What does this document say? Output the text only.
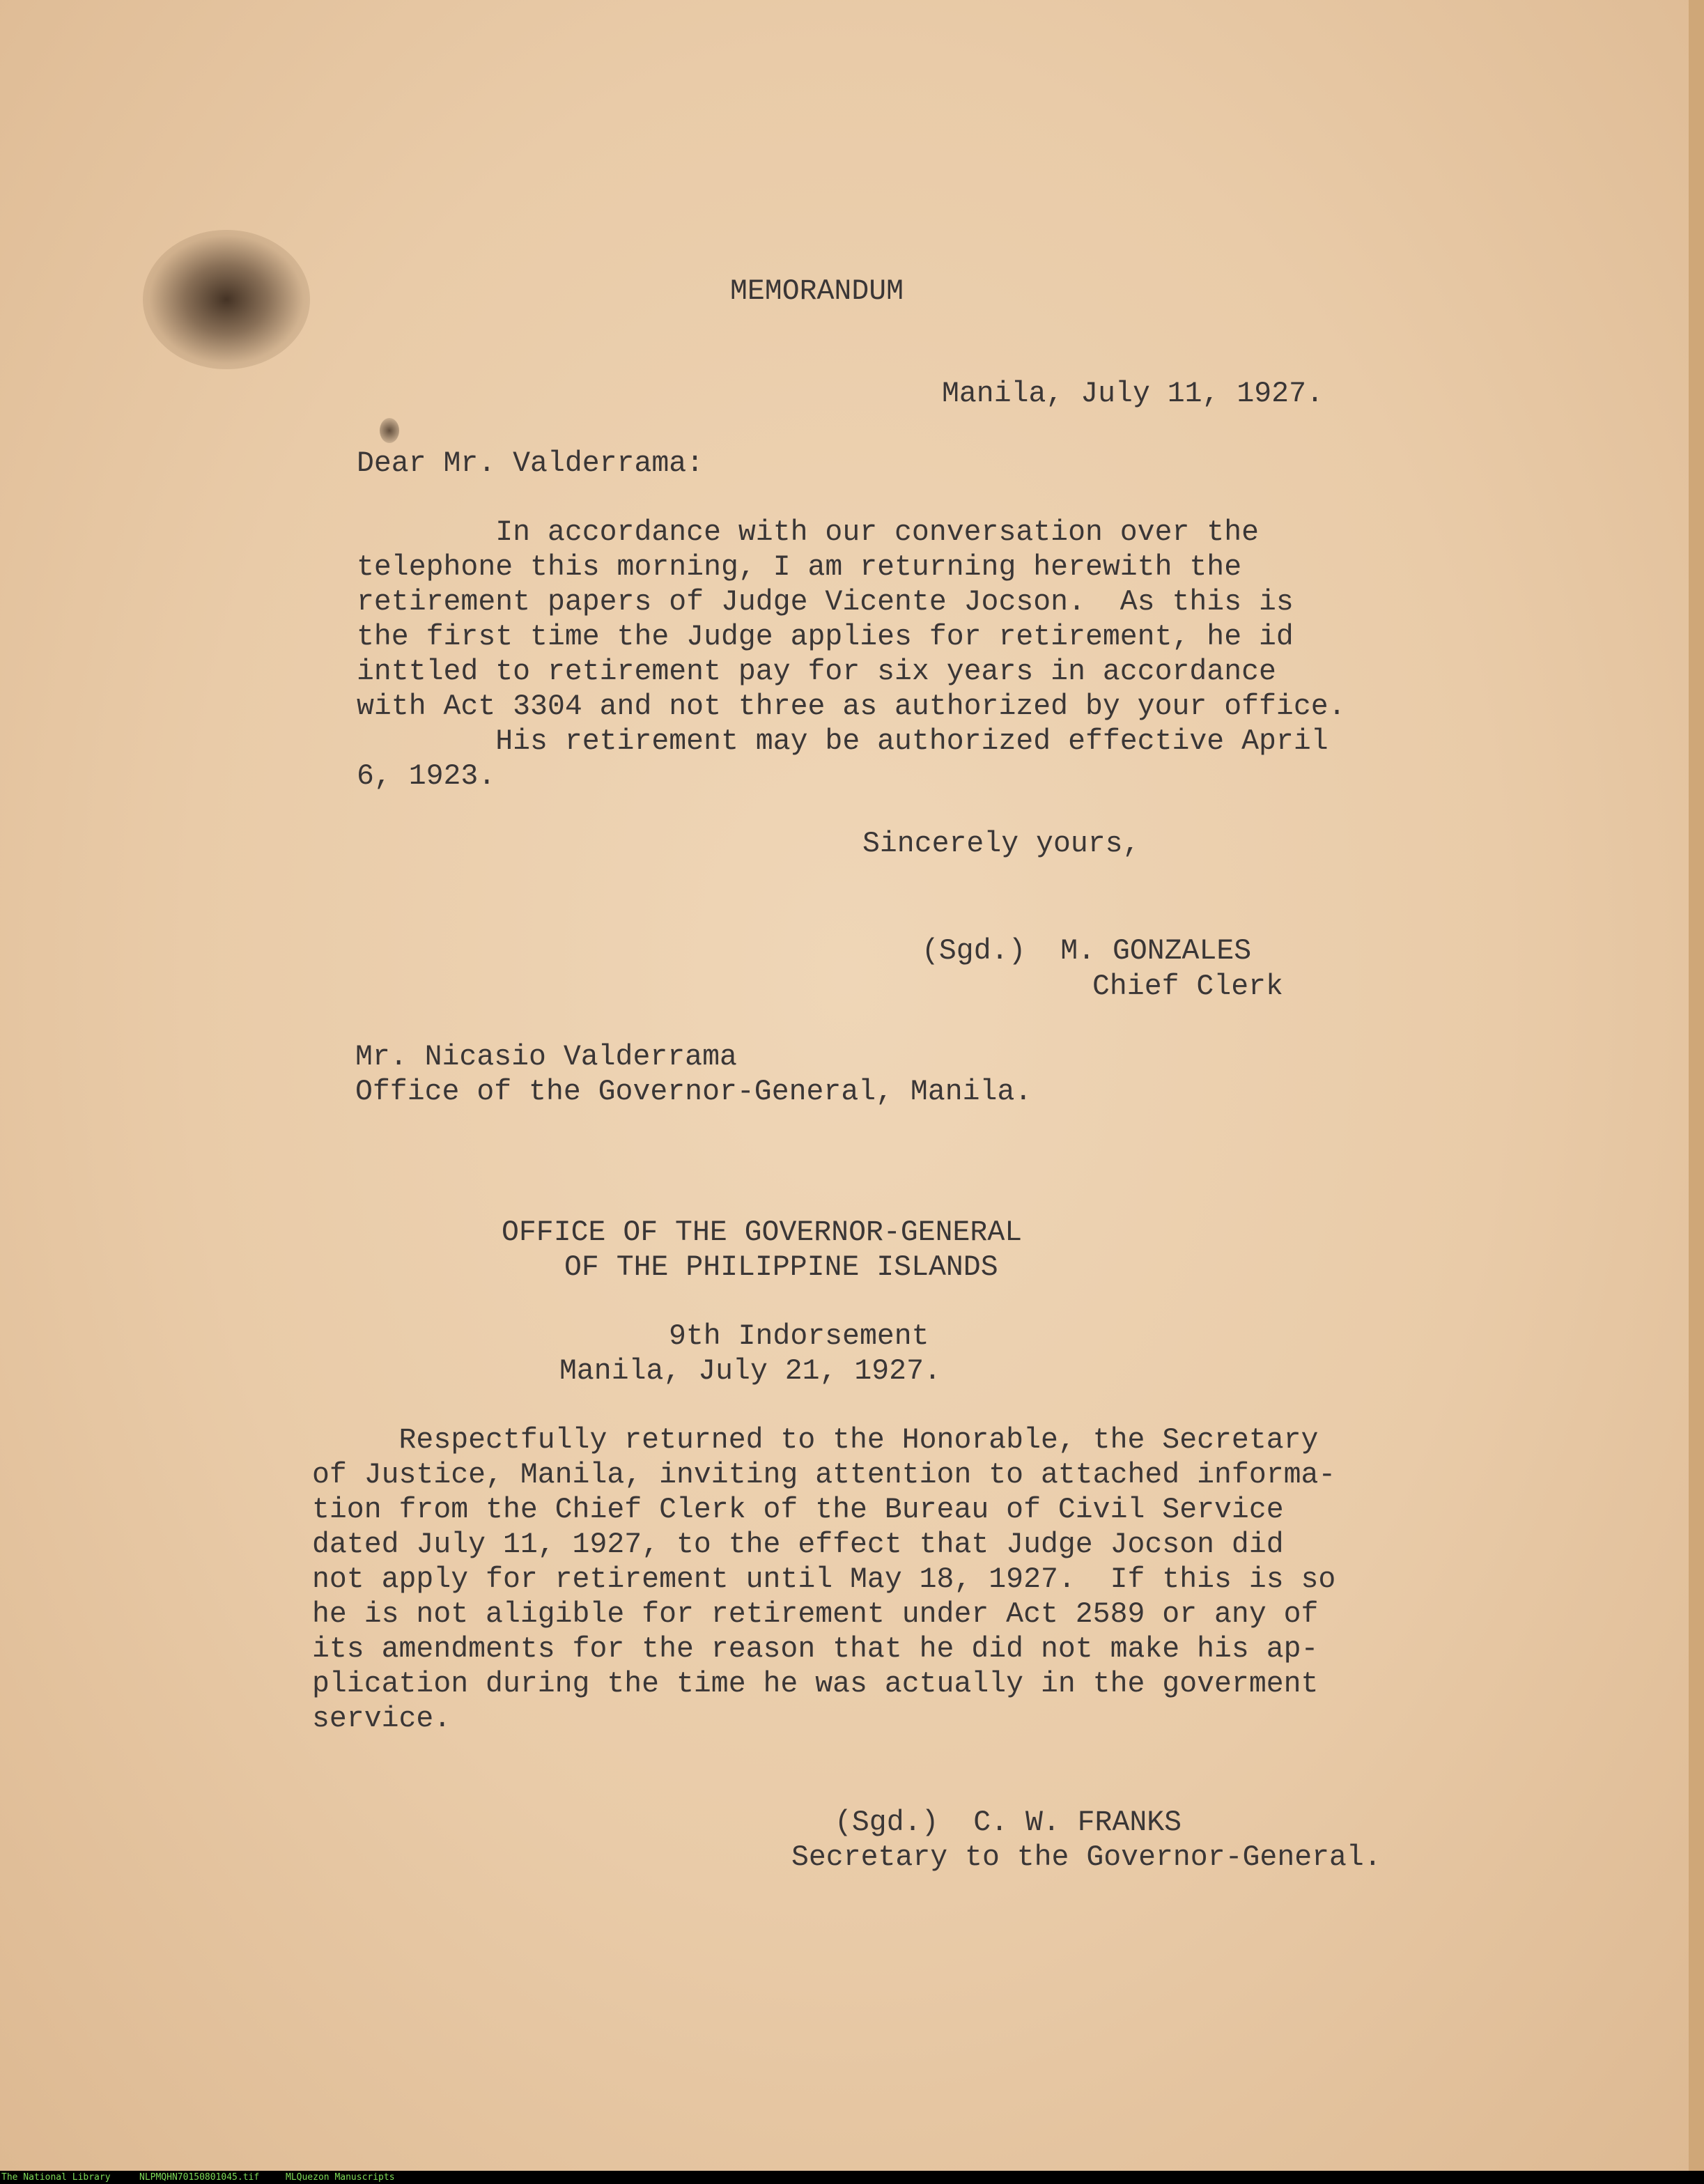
MEMORANDUM

Manila, July 11, 1927.

Dear Mr. Valderrama:

In accordance with our conversation over the

telephone this morning, I am returning herewith the

retirement papers of Judge Vicente Jocson.  As this is

the first time the Judge applies for retirement, he id

inttled to retirement pay for six years in accordance

with Act 3304 and not three as authorized by your office.

His retirement may be authorized effective April

6, 1923.

Sincerely yours,

(Sgd.)  M. GONZALES

Chief Clerk

Mr. Nicasio Valderrama

Office of the Governor-General, Manila.

OFFICE OF THE GOVERNOR-GENERAL

OF THE PHILIPPINE ISLANDS

9th Indorsement

Manila, July 21, 1927.

Respectfully returned to the Honorable, the Secretary

of Justice, Manila, inviting attention to attached informa-

tion from the Chief Clerk of the Bureau of Civil Service

dated July 11, 1927, to the effect that Judge Jocson did

not apply for retirement until May 18, 1927.  If this is so

he is not aligible for retirement under Act 2589 or any of

its amendments for the reason that he did not make his ap-

plication during the time he was actually in the goverment

service.

(Sgd.)  C. W. FRANKS

Secretary to the Governor-General.

The National Library	NLPMQHN70150801045.tif	MLQuezon Manuscripts
